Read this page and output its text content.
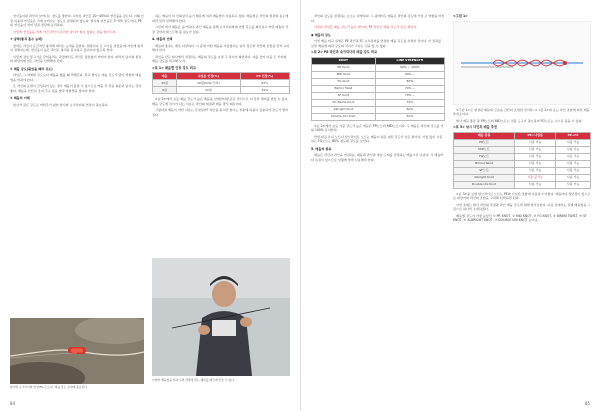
연신율이란 라인이 늘어나는 정도를 말한다. 나일론 라인은 20~40%의 연신율을 갖는다. 이때 인장 하중과 연신율은 크게 늘어나는 정도로 결정되지 않는다. 합사의 연신율은 3~5% 정도이다. PE의 연신율이 적어 입질 전달에 유리하다.

이렇게 연신율을 적게 가진 라인이 유리한 낚시가 따로 있다는 점을 알아두자.

③ 장력(충격 흡수 능력)

장력은 라인이 순간적인 충격에 버티는 능력을 뜻한다. 챔질이나 큰 고기를 걸었을 때 라인에 충격이 전해지는데, 연신율이 높은 라인은 충격을 흡수하고 끊어지지 않도록 한다.

이렇게 잡힌 물고기를 끌어올리는 과정에서도 라인은 끊임없이 버텨야 한다. 따라서 낚시의 종류와 대상어에 맞는 라인을 선택해야 한다.

④ 매듭 강도(묶었을 때의 강도)

라인은 그 자체의 강도보다 매듭을 했을 때 약해진다. 특히 합사는 매듭 강도가 낮아 적합한 매듭법을 익혀야 한다.

또 라인의 표면이 코팅되어 있는 경우 매듭이 풀릴 수 있으므로 매듭 후 끝을 충분히 남기는 것이 좋다. 매듭을 단단히 조여 주고 침을 발라 마찰열을 줄여야 한다.

⑤ 매듭의 이해

합사가 같은 강도로 버텨주기 위한 합사와 쇼크리더의 연결이 필요하다.

합사와 쇼크리더의 연결(FG 노트)은 매듭 강도 유지에 중요하다.

하는 매듭이 더 신뢰성이 높기 때문에 여러 매듭법이 사용되고 있다. 매듭법은 라인의 종류와 용도에 따라 달리 선택해야 한다.

그런데 합사 매듭은 불가하다. 라인 매듭을 통해 쇼크리더와의 연결 강도를 확인하고 어떤 매듭이 가장 강한지 테스트해 볼 필요가 있다.

4. 매듭의 선택

매듭의 종류는 매우 다양하다. 이 중에 어떤 매듭을 사용할지는 낚시 장르와 라인의 조합을 먼저 고려해야 한다.

라인을 만든 회사에서 권장하는 매듭의 강도를 보면 그 차이가 확연하다. 예를 들어 다음 두 가지의 매듭 강도를 비교해 보자.

<표 1> 매듭별 인장 강도 비교
매듭	나일론 인장(%)	PE 인장(%)
20평	20평(5/32 인치)	97%
9평	20평	91%

<표 2>에서 보듯 매듭 강도가 높은 매듭을 선택한다면 같은 라인으로 더 강한 채비를 만들 수 있다. 매듭 강도에 차이가 나는 이유는 라인의 재질과 매듭 방식 때문이다.

그렇다면 매듭이 약한 이유는 무엇일까? 라인을 묶으면 꺾이는 부분에 하중이 집중되어 강도가 떨어진다.

다양한 매듭법을 익혀 두면 상황에 맞는 채비를 빠르게 만들 수 있다.
84

라인의 강도를 결정하는 요소는 다양하다. 그 중에서도 매듭은 라인의 강도에 가장 큰 영향을 미친다.

나일론 라인은 매듭 강도가 높은 편이며, PE 라인은 매듭 강도가 낮은 편이다.

◉ 매듭의 강도

이번 매듭 비교 실험은 PE 라인과 FC 쇼크리더를 연결한 매듭 강도를 측정한 것이다. 이 결과를 보면 매듭에 따라 강도의 차이가 크다는 것을 알 수 있다.

<표 2> PE 라인과 쇼크리더의 매듭 강도 비교
KNOT	LINE STRENGTH
PR Knot	90% ~ 100%
MID Knot	90% ~
FG Knot	80%
Bimini Twist	70% ~
SF Knot	70% ~
No Name Knot	70%
Albright Knot	60%
Double Uni Knot	50%

<표 2>에서 보듯 가장 강도가 높은 매듭은 PR노트와 MID노트이다. 두 매듭은 라인의 강도를 거의 100% 유지한다.

반면 더블 유니 노트나 알브라이트 노트는 매듭이 쉬운 대신 강도가 낮은 편이다. 가장 많이 사용하는 FG노트는 80% 정도의 강도를 보인다.

5. 매듭의 종류

매듭은 라인과 라인을 연결하는 매듭과 라인과 바늘·도래를 연결하는 매듭으로 나뉜다. 각 매듭마다 특징이 있으므로 상황에 맞게 사용해야 한다.

<그림 1>

<그림 1>은 완성된 매듭의 모습을 간단히 표현한 것이다. <그림 2>의 표는 라인 조합에 따른 매듭 추천표이다.

합사 매듭 종류 중 PR노트와 MID노트는 전용 도구가 필요하며 FG노트는 손으로 묶을 수 있다.

<표 3> 낚시 다인과 매듭 추천
매듭 종류	PE+나일론	PE+FC
PR노트	사용 가능	사용 가능
MID노트	사용 가능	사용 가능
FG노트	사용 가능	사용 가능
Bimini Twist	사용 가능	사용 가능
SF노트	사용 가능	사용 가능
Albright Knot	사용 불가능	사용 가능
Double Uni Knot	사용 가능	사용 가능

<표 3>을 보면 알브라이트 노트는 PE와 나일론 조합에 사용하기 어렵다. 매듭마다 장단점이 있으므로 대상어와 라인의 조합을 고려해 선택하면 된다.

이번 호에는 합사 라인의 특징과 라인 매듭 강도에 대해 알아보았다. 다음 호에서는 실제 매듭법을 그림으로 하나씩 소개하겠다.

매듭별 강도가 가장 높았던 ① PR KNOT, ② MID KNOT, ③ FG KNOT, ④ BIMINI TWIST, ⑤ SF KNOT, ⑥ ALBRIGHT KNOT, ⑦ DOUBLE UNI KNOT 순이다.

85
